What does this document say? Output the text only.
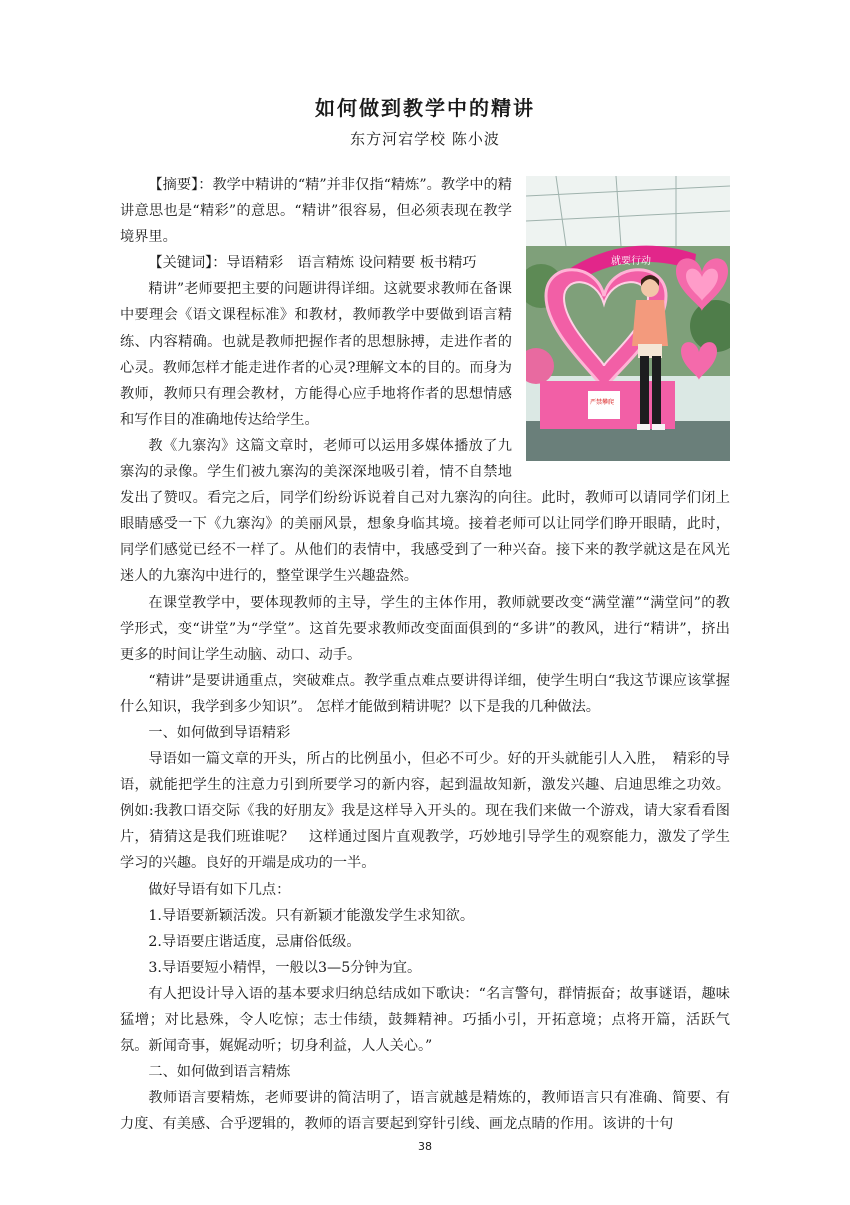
如何做到教学中的精讲
东方河宕学校 陈小波
就要行动
严禁攀爬

【摘要】：教学中精讲的“精”并非仅指“精炼”。教学中的精讲意思也是“精彩”的意思。“精讲”很容易，但必须表现在教学境界里。

【关键词】：导语精彩　语言精炼 设问精要 板书精巧

精讲”老师要把主要的问题讲得详细。这就要求教师在备课中要理会《语文课程标准》和教材，教师教学中要做到语言精练、内容精确。也就是教师把握作者的思想脉搏，走进作者的心灵。教师怎样才能走进作者的心灵?理解文本的目的。而身为教师，教师只有理会教材，方能得心应手地将作者的思想情感和写作目的准确地传达给学生。

教《九寨沟》这篇文章时，老师可以运用多媒体播放了九寨沟的录像。学生们被九寨沟的美深深地吸引着，情不自禁地发出了赞叹。看完之后，同学们纷纷诉说着自己对九寨沟的向往。此时，教师可以请同学们闭上眼睛感受一下《九寨沟》的美丽风景，想象身临其境。接着老师可以让同学们睁开眼睛，此时，同学们感觉已经不一样了。从他们的表情中，我感受到了一种兴奋。接下来的教学就这是在风光迷人的九寨沟中进行的，整堂课学生兴趣盎然。

在课堂教学中，要体现教师的主导，学生的主体作用，教师就要改变“满堂灌”“满堂问”的教学形式，变“讲堂”为“学堂”。这首先要求教师改变面面俱到的“多讲”的教风，进行“精讲”，挤出更多的时间让学生动脑、动口、动手。

“精讲”是要讲通重点，突破难点。教学重点难点要讲得详细，使学生明白“我这节课应该掌握什么知识，我学到多少知识”。 怎样才能做到精讲呢？以下是我的几种做法。

一、如何做到导语精彩

导语如一篇文章的开头，所占的比例虽小，但必不可少。好的开头就能引人入胜，　精彩的导语，就能把学生的注意力引到所要学习的新内容，起到温故知新，激发兴趣、启迪思维之功效。例如:我教口语交际《我的好朋友》我是这样导入开头的。现在我们来做一个游戏，请大家看看图片，猜猜这是我们班谁呢？　这样通过图片直观教学，巧妙地引导学生的观察能力，激发了学生学习的兴趣。良好的开端是成功的一半。

做好导语有如下几点：

1.导语要新颖活泼。只有新颖才能激发学生求知欲。

2.导语要庄谐适度，忌庸俗低级。

3.导语要短小精悍，一般以3—5分钟为宜。

有人把设计导入语的基本要求归纳总结成如下歌诀：“名言警句，群情振奋；故事谜语，趣味猛增；对比悬殊，令人吃惊；志士伟绩，鼓舞精神。巧插小引，开拓意境；点将开篇，活跃气氛。新闻奇事，娓娓动听；切身利益，人人关心。”

二、如何做到语言精炼

教师语言要精炼，老师要讲的简洁明了，语言就越是精炼的，教师语言只有准确、简要、有力度、有美感、合乎逻辑的，教师的语言要起到穿针引线、画龙点睛的作用。该讲的十句

38
